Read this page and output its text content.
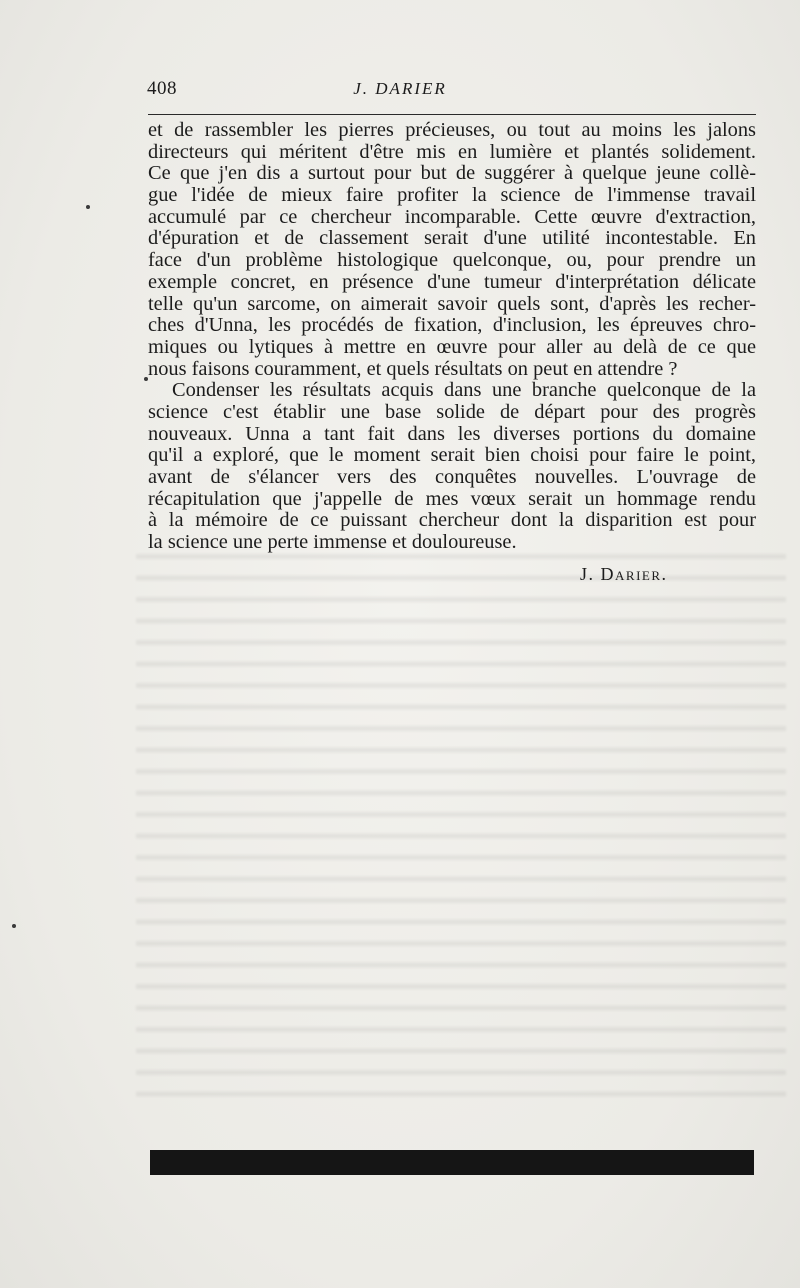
408	J. DARIER
et de rassembler les pierres précieuses, ou tout au moins les jalons
directeurs qui méritent d'être mis en lumière et plantés solidement.
Ce que j'en dis a surtout pour but de suggérer à quelque jeune collè-
gue l'idée de mieux faire profiter la science de l'immense travail
accumulé par ce chercheur incomparable. Cette œuvre d'extraction,
d'épuration et de classement serait d'une utilité incontestable. En
face d'un problème histologique quelconque, ou, pour prendre un
exemple concret, en présence d'une tumeur d'interprétation délicate
telle qu'un sarcome, on aimerait savoir quels sont, d'après les recher-
ches d'Unna, les procédés de fixation, d'inclusion, les épreuves chro-
miques ou lytiques à mettre en œuvre pour aller au delà de ce que
nous faisons couramment, et quels résultats on peut en attendre ?
Condenser les résultats acquis dans une branche quelconque de la
science c'est établir une base solide de départ pour des progrès
nouveaux. Unna a tant fait dans les diverses portions du domaine
qu'il a exploré, que le moment serait bien choisi pour faire le point,
avant de s'élancer vers des conquêtes nouvelles. L'ouvrage de
récapitulation que j'appelle de mes vœux serait un hommage rendu
à la mémoire de ce puissant chercheur dont la disparition est pour
la science une perte immense et douloureuse.
J. Darier.
